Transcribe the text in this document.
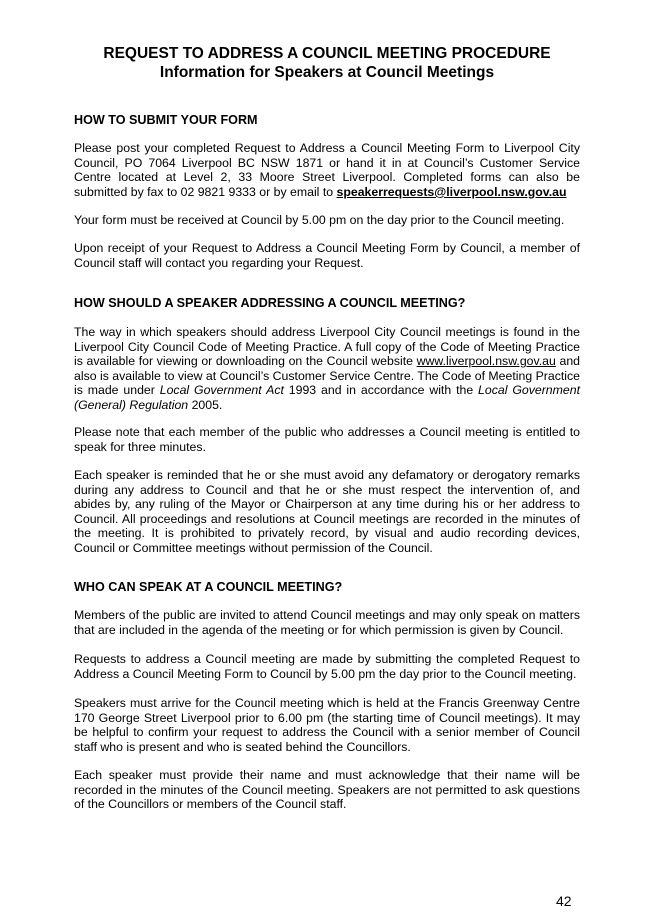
REQUEST TO ADDRESS A COUNCIL MEETING PROCEDURE
Information for Speakers at Council Meetings
HOW TO SUBMIT YOUR FORM

Please post your completed Request to Address a Council Meeting Form to Liverpool City Council, PO 7064 Liverpool BC NSW 1871 or hand it in at Council’s Customer Service Centre located at Level 2, 33 Moore Street Liverpool. Completed forms can also be submitted by fax to 02 9821 9333 or by email to speakerrequests@liverpool.nsw.gov.au

Your form must be received at Council by 5.00 pm on the day prior to the Council meeting.

Upon receipt of your Request to Address a Council Meeting Form by Council, a member of Council staff will contact you regarding your Request.

HOW SHOULD A SPEAKER ADDRESSING A COUNCIL MEETING?

The way in which speakers should address Liverpool City Council meetings is found in the Liverpool City Council Code of Meeting Practice. A full copy of the Code of Meeting Practice is available for viewing or downloading on the Council website www.liverpool.nsw.gov.au and also is available to view at Council’s Customer Service Centre. The Code of Meeting Practice is made under Local Government Act 1993 and in accordance with the Local Government (General) Regulation 2005.

Please note that each member of the public who addresses a Council meeting is entitled to speak for three minutes.

Each speaker is reminded that he or she must avoid any defamatory or derogatory remarks during any address to Council and that he or she must respect the intervention of, and abides by, any ruling of the Mayor or Chairperson at any time during his or her address to Council. All proceedings and resolutions at Council meetings are recorded in the minutes of the meeting. It is prohibited to privately record, by visual and audio recording devices, Council or Committee meetings without permission of the Council.

WHO CAN SPEAK AT A COUNCIL MEETING?

Members of the public are invited to attend Council meetings and may only speak on matters that are included in the agenda of the meeting or for which permission is given by Council.

Requests to address a Council meeting are made by submitting the completed Request to Address a Council Meeting Form to Council by 5.00 pm the day prior to the Council meeting.

Speakers must arrive for the Council meeting which is held at the Francis Greenway Centre 170 George Street Liverpool prior to 6.00 pm (the starting time of Council meetings). It may be helpful to confirm your request to address the Council with a senior member of Council staff who is present and who is seated behind the Councillors.

Each speaker must provide their name and must acknowledge that their name will be recorded in the minutes of the Council meeting. Speakers are not permitted to ask questions of the Councillors or members of the Council staff.

42
